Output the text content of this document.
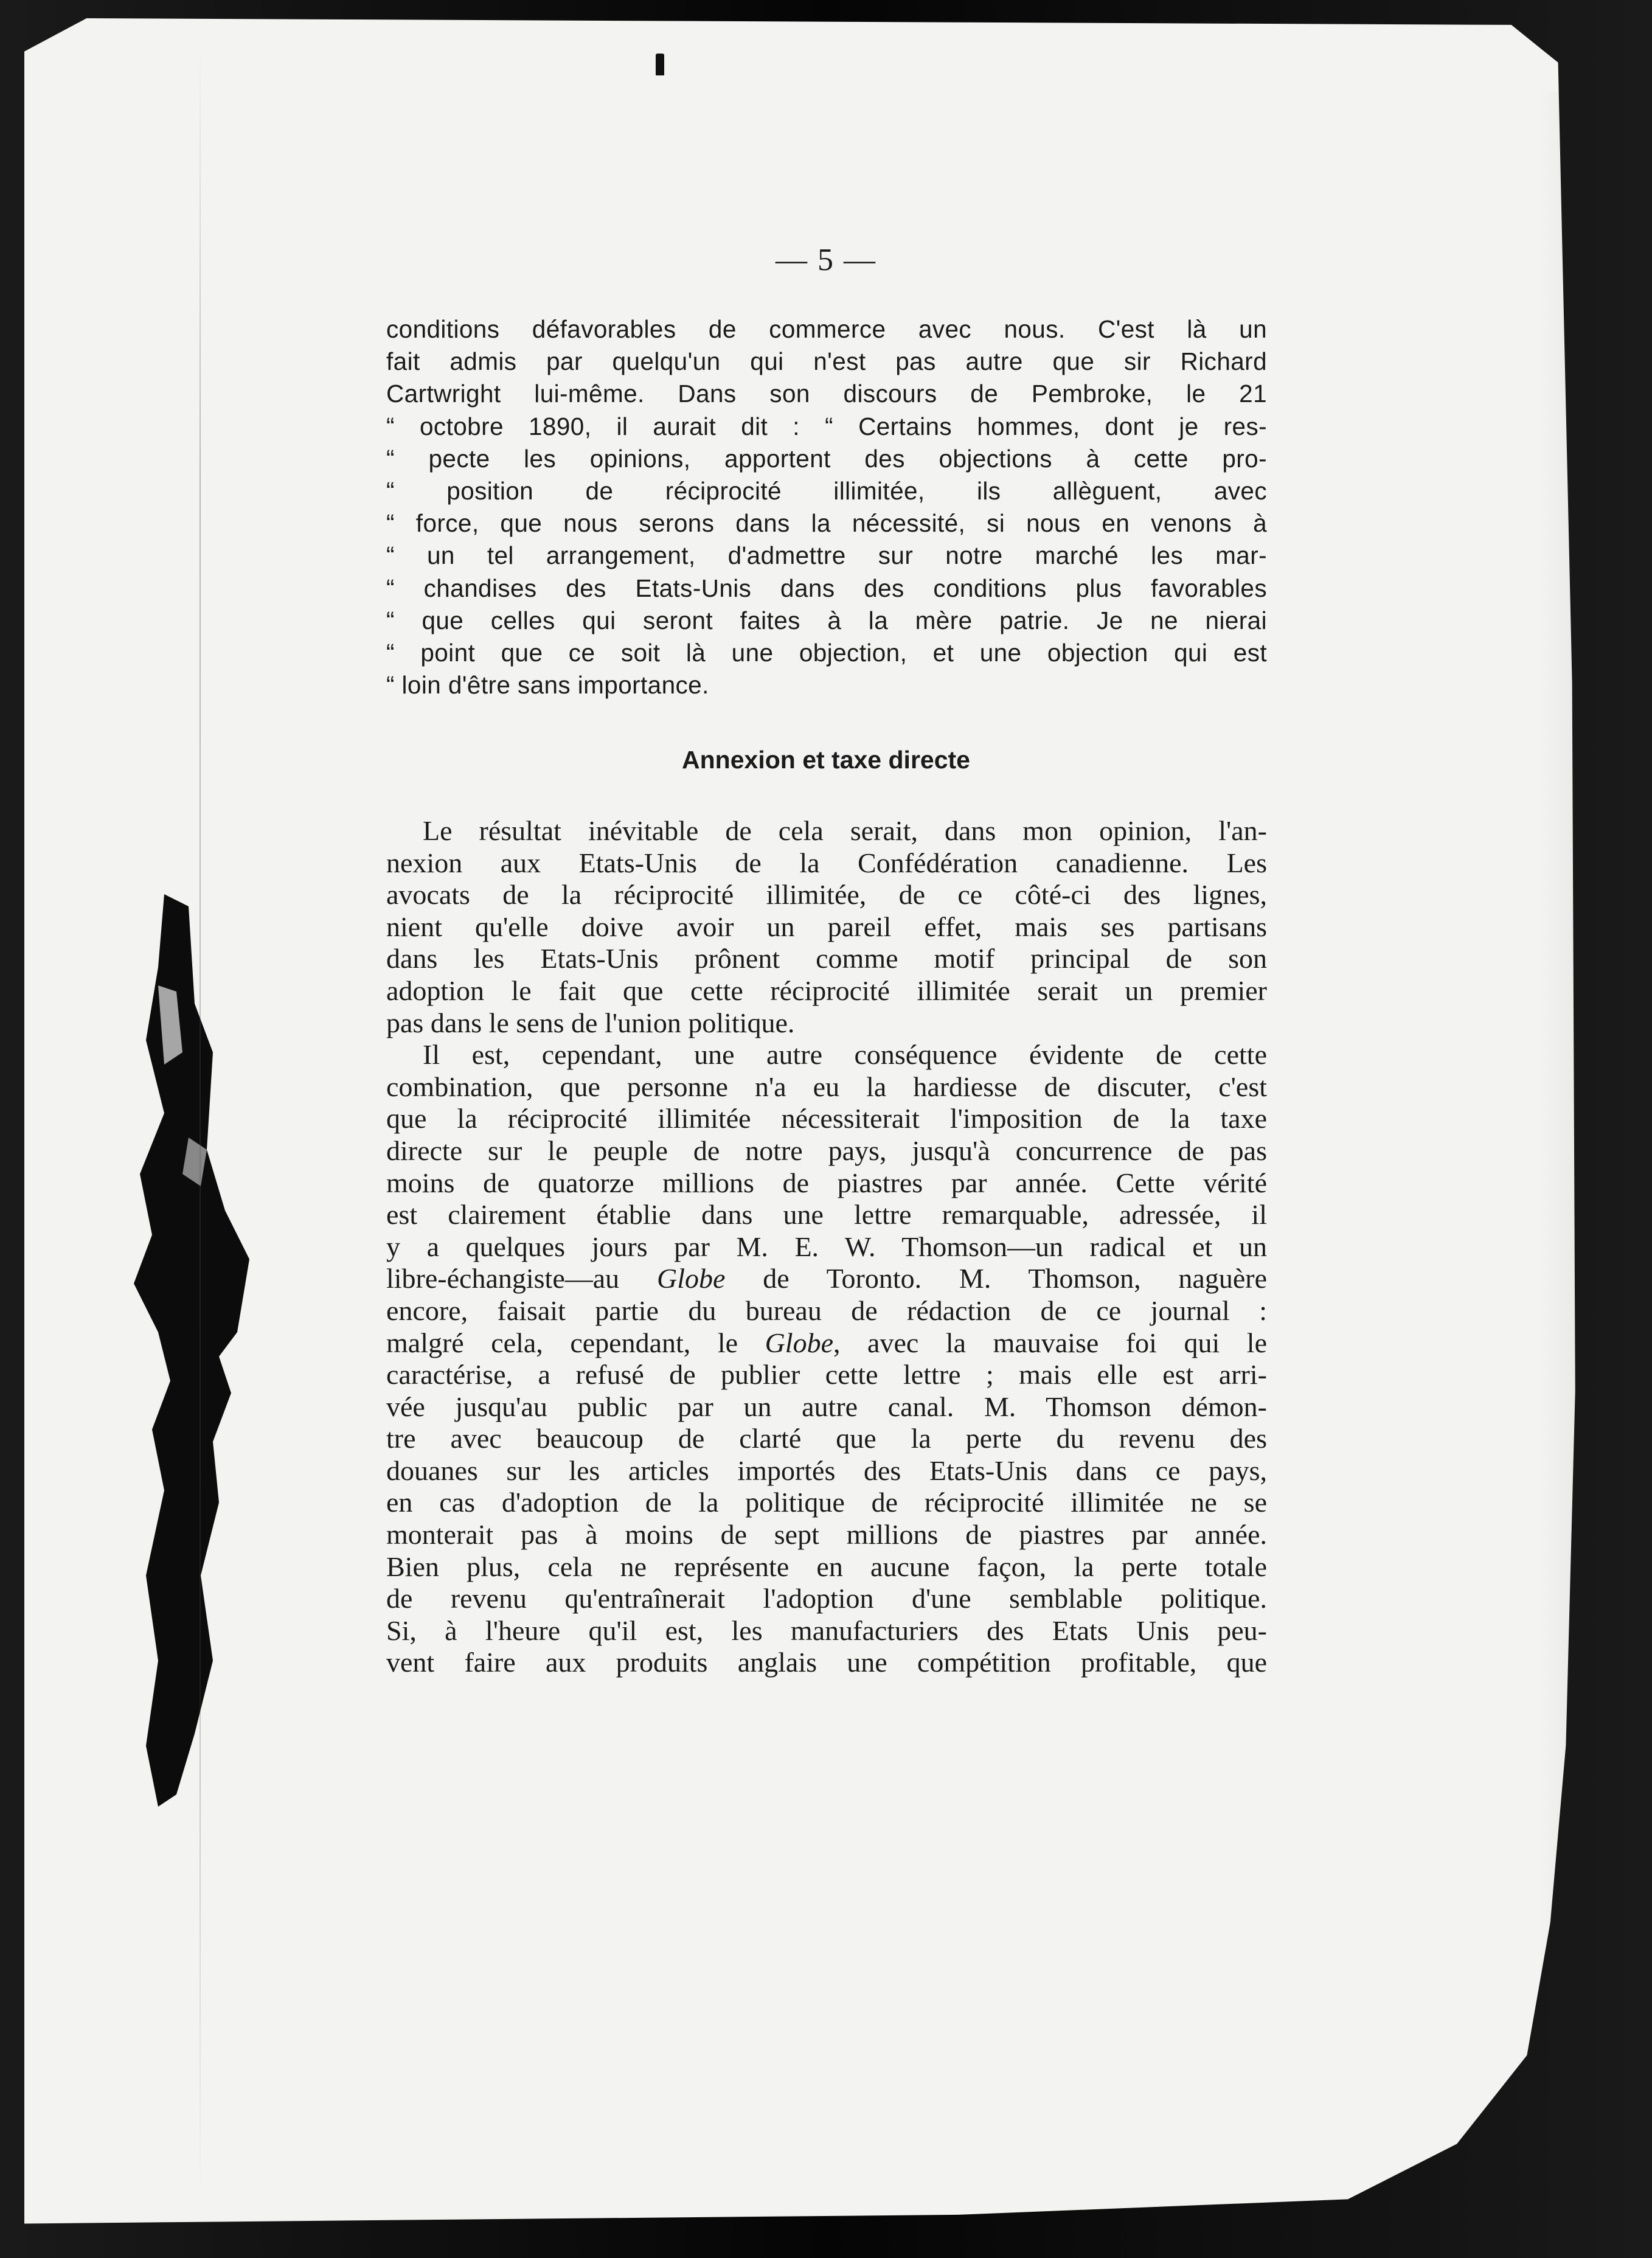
— 5 —
conditions défavorables de commerce avec nous. C'est là un
fait admis par quelqu'un qui n'est pas autre que sir Richard
Cartwright lui-même. Dans son discours de Pembroke, le 21
“ octobre 1890, il aurait dit : “ Certains hommes, dont je res-
“ pecte les opinions, apportent des objections à cette pro-
“ position de réciprocité illimitée, ils allèguent, avec
“ force, que nous serons dans la nécessité, si nous en venons à
“ un tel arrangement, d'admettre sur notre marché les mar-
“ chandises des Etats-Unis dans des conditions plus favorables
“ que celles qui seront faites à la mère patrie. Je ne nierai
“ point que ce soit là une objection, et une objection qui est
“ loin d'être sans importance.
Annexion et taxe directe
Le résultat inévitable de cela serait, dans mon opinion, l'an-
nexion aux Etats-Unis de la Confédération canadienne. Les
avocats de la réciprocité illimitée, de ce côté-ci des lignes,
nient qu'elle doive avoir un pareil effet, mais ses partisans
dans les Etats-Unis prônent comme motif principal de son
adoption le fait que cette réciprocité illimitée serait un premier
pas dans le sens de l'union politique.
Il est, cependant, une autre conséquence évidente de cette
combination, que personne n'a eu la hardiesse de discuter, c'est
que la réciprocité illimitée nécessiterait l'imposition de la taxe
directe sur le peuple de notre pays, jusqu'à concurrence de pas
moins de quatorze millions de piastres par année. Cette vérité
est clairement établie dans une lettre remarquable, adressée, il
y a quelques jours par M. E. W. Thomson—un radical et un
libre-échangiste—au Globe de Toronto. M. Thomson, naguère
encore, faisait partie du bureau de rédaction de ce journal :
malgré cela, cependant, le Globe, avec la mauvaise foi qui le
caractérise, a refusé de publier cette lettre ; mais elle est arri-
vée jusqu'au public par un autre canal. M. Thomson démon-
tre avec beaucoup de clarté que la perte du revenu des
douanes sur les articles importés des Etats-Unis dans ce pays,
en cas d'adoption de la politique de réciprocité illimitée ne se
monterait pas à moins de sept millions de piastres par année.
Bien plus, cela ne représente en aucune façon, la perte totale
de revenu qu'entraînerait l'adoption d'une semblable politique.
Si, à l'heure qu'il est, les manufacturiers des Etats Unis peu-
vent faire aux produits anglais une compétition profitable, que
